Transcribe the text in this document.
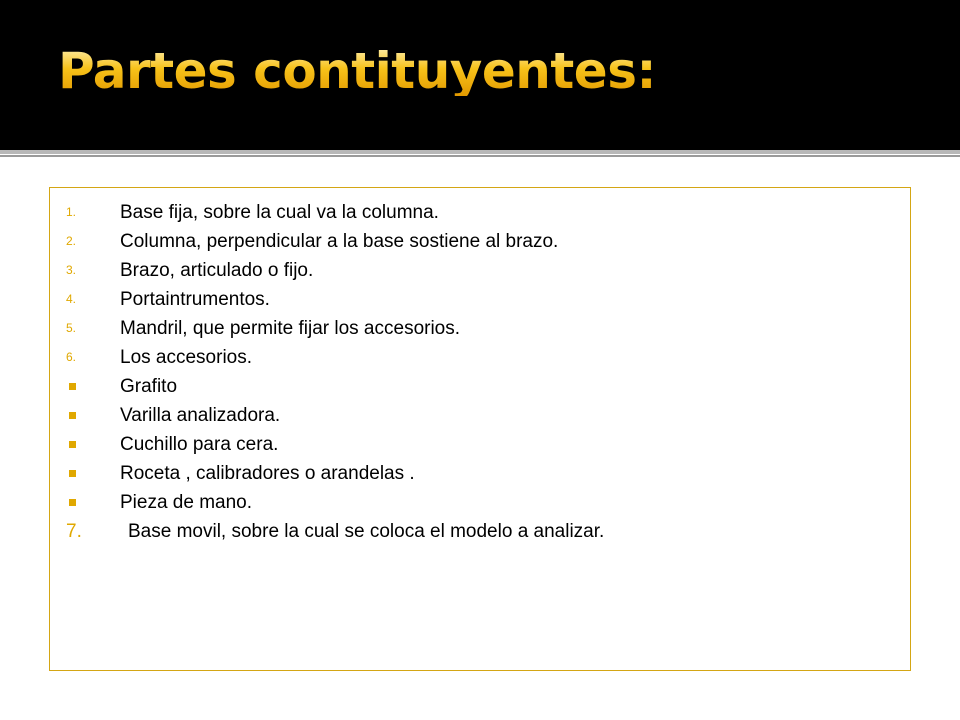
Partes contituyentes:
1.	Base fija, sobre la cual va la columna.
2.	Columna, perpendicular a la base sostiene al brazo.
3.	Brazo, articulado o fijo.
4.	Portaintrumentos.
5.	Mandril, que permite fijar los accesorios.
6.	Los accesorios.
Grafito
Varilla analizadora.
Cuchillo para cera.
Roceta , calibradores o arandelas .
Pieza de mano.
7.	Base movil, sobre la cual se coloca el modelo a analizar.
